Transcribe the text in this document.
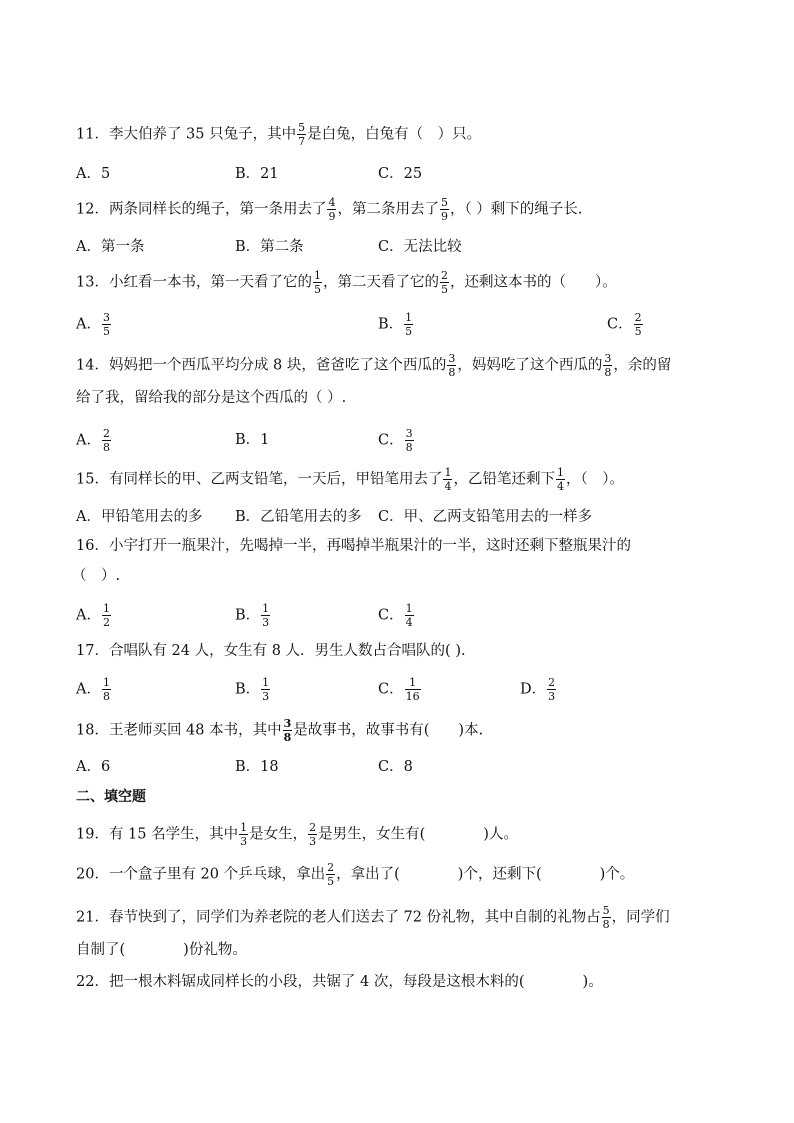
11．李大伯养了 35 只兔子，其中 $\frac{5}{7}$ 是白兔，白兔有（　）只。
A．5	B．21	C．25
12．两条同样长的绳子，第一条用去了 $\frac{4}{9}$ ，第二条用去了 $\frac{5}{9}$ ，（ ）剩下的绳子长.
A．第一条	B．第二条	C．无法比较
13．小红看一本书，第一天看了它的 $\frac{1}{5}$ ，第二天看了它的 $\frac{2}{5}$ ，还剩这本书的（　　）。
A． $\frac{3}{5}$	B． $\frac{1}{5}$	C． $\frac{2}{5}$
14．妈妈把一个西瓜平均分成 8 块，爸爸吃了这个西瓜的 $\frac{3}{8}$ ，妈妈吃了这个西瓜的 $\frac{3}{8}$ ，余的留
给了我，留给我的部分是这个西瓜的（ ）.
A． $\frac{2}{8}$	B．1	C． $\frac{3}{8}$
15．有同样长的甲、乙两支铅笔，一天后，甲铅笔用去了 $\frac{1}{4}$ ，乙铅笔还剩下 $\frac{1}{4}$ ，（　）。
A．甲铅笔用去的多 B．乙铅笔用去的多 C．甲、乙两支铅笔用去的一样多
16．小宇打开一瓶果汁，先喝掉一半，再喝掉半瓶果汁的一半，这时还剩下整瓶果汁的
（　）.
A． $\frac{1}{2}$	B． $\frac{1}{3}$	C． $\frac{1}{4}$
17．合唱队有 24 人，女生有 8 人．男生人数占合唱队的( ).
A． $\frac{1}{8}$	B． $\frac{1}{3}$	C． $\frac{1}{16}$	D． $\frac{2}{3}$
18．王老师买回 48 本书，其中 $\frac{3}{8}$ 是故事书，故事书有(　　)本.
A．6	B．18	C．8
二、填空题
19．有 15 名学生，其中 $\frac{1}{3}$ 是女生， $\frac{2}{3}$ 是男生，女生有(　　　　)人。
20．一个盒子里有 20 个乒乓球，拿出 $\frac{2}{5}$ ，拿出了(　　　　)个，还剩下(　　　　)个。
21．春节快到了，同学们为养老院的老人们送去了 72 份礼物，其中自制的礼物占 $\frac{5}{8}$ ，同学们
自制了(　　　　)份礼物。
22．把一根木料锯成同样长的小段，共锯了 4 次，每段是这根木料的(　　　　)。
